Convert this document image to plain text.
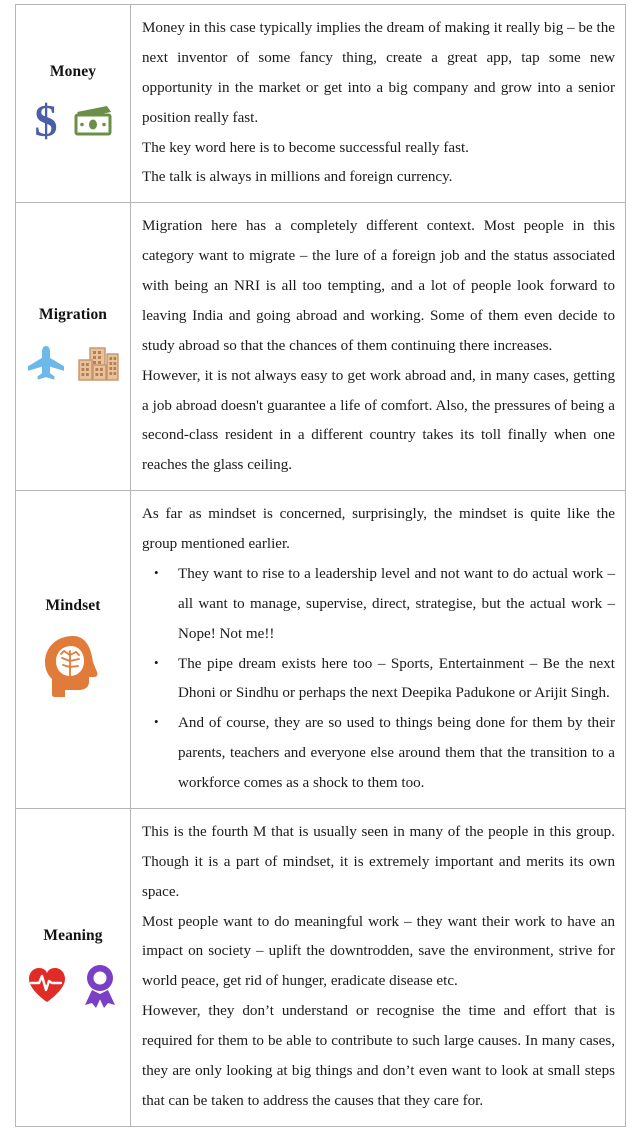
Money
$

Money in this case typically implies the dream of making it really big – be the next inventor of some fancy thing, create a great app, tap some new opportunity in the market or get into a big company and grow into a senior position really fast.

The key word here is to become successful really fast.

The talk is always in millions and foreign currency.

Migration

Migration here has a completely different context. Most people in this category want to migrate – the lure of a foreign job and the status associated with being an NRI is all too tempting, and a lot of people look forward to leaving India and going abroad and working. Some of them even decide to study abroad so that the chances of them continuing there increases.

However, it is not always easy to get work abroad and, in many cases, getting a job abroad doesn't guarantee a life of comfort. Also, the pressures of being a second-class resident in a different country takes its toll finally when one reaches the glass ceiling.

Mindset

As far as mindset is concerned, surprisingly, the mindset is quite like the group mentioned earlier.

• They want to rise to a leadership level and not want to do actual work – all want to manage, supervise, direct, strategise, but the actual work – Nope! Not me!!
• The pipe dream exists here too – Sports, Entertainment – Be the next Dhoni or Sindhu or perhaps the next Deepika Padukone or Arijit Singh.
• And of course, they are so used to things being done for them by their parents, teachers and everyone else around them that the transition to a workforce comes as a shock to them too.
Meaning

This is the fourth M that is usually seen in many of the people in this group. Though it is a part of mindset, it is extremely important and merits its own space.

Most people want to do meaningful work – they want their work to have an impact on society – uplift the downtrodden, save the environment, strive for world peace, get rid of hunger, eradicate disease etc.

However, they don’t understand or recognise the time and effort that is required for them to be able to contribute to such large causes. In many cases, they are only looking at big things and don’t even want to look at small steps that can be taken to address the causes that they care for.
